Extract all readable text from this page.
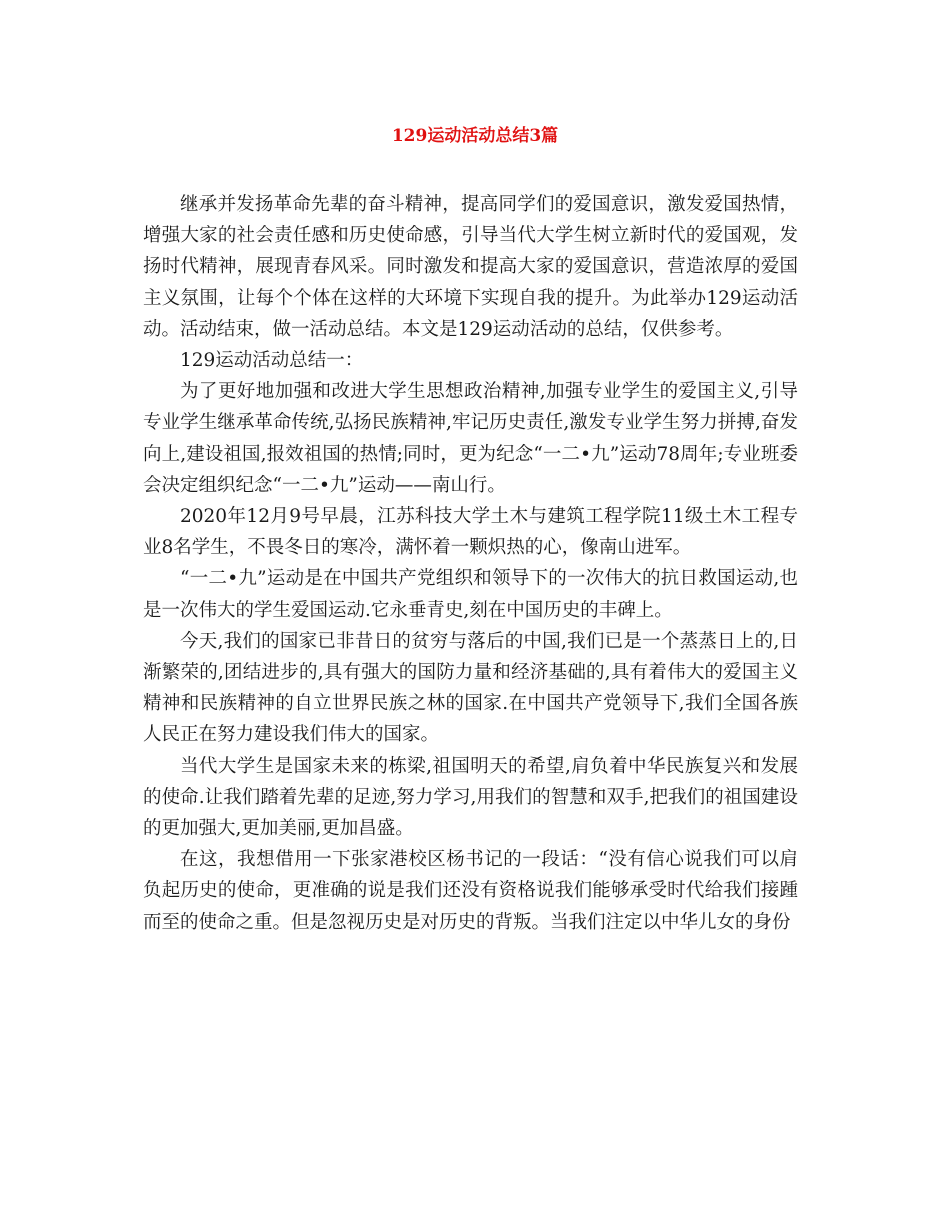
129运动活动总结3篇

继承并发扬革命先辈的奋斗精神，提高同学们的爱国意识，激发爱国热情，增强大家的社会责任感和历史使命感，引导当代大学生树立新时代的爱国观，发扬时代精神，展现青春风采。同时激发和提高大家的爱国意识，营造浓厚的爱国主义氛围，让每个个体在这样的大环境下实现自我的提升。为此举办129运动活动。活动结束，做一活动总结。本文是129运动活动的总结，仅供参考。

129运动活动总结一：

为了更好地加强和改进大学生思想政治精神,加强专业学生的爱国主义,引导专业学生继承革命传统,弘扬民族精神,牢记历史责任,激发专业学生努力拼搏,奋发向上,建设祖国,报效祖国的热情;同时，更为纪念“一二•九”运动78周年;专业班委会决定组织纪念“一二•九”运动——南山行。

2020年12月9号早晨，江苏科技大学土木与建筑工程学院11级土木工程专业8名学生，不畏冬日的寒冷，满怀着一颗炽热的心，像南山进军。

“一二•九”运动是在中国共产党组织和领导下的一次伟大的抗日救国运动,也是一次伟大的学生爱国运动.它永垂青史,刻在中国历史的丰碑上。

今天,我们的国家已非昔日的贫穷与落后的中国,我们已是一个蒸蒸日上的,日渐繁荣的,团结进步的,具有强大的国防力量和经济基础的,具有着伟大的爱国主义精神和民族精神的自立世界民族之林的国家.在中国共产党领导下,我们全国各族人民正在努力建设我们伟大的国家。

当代大学生是国家未来的栋梁,祖国明天的希望,肩负着中华民族复兴和发展的使命.让我们踏着先辈的足迹,努力学习,用我们的智慧和双手,把我们的祖国建设的更加强大,更加美丽,更加昌盛。

在这，我想借用一下张家港校区杨书记的一段话：“没有信心说我们可以肩负起历史的使命，更准确的说是我们还没有资格说我们能够承受时代给我们接踵而至的使命之重。但是忽视历史是对历史的背叛。当我们注定以中华儿女的身份
